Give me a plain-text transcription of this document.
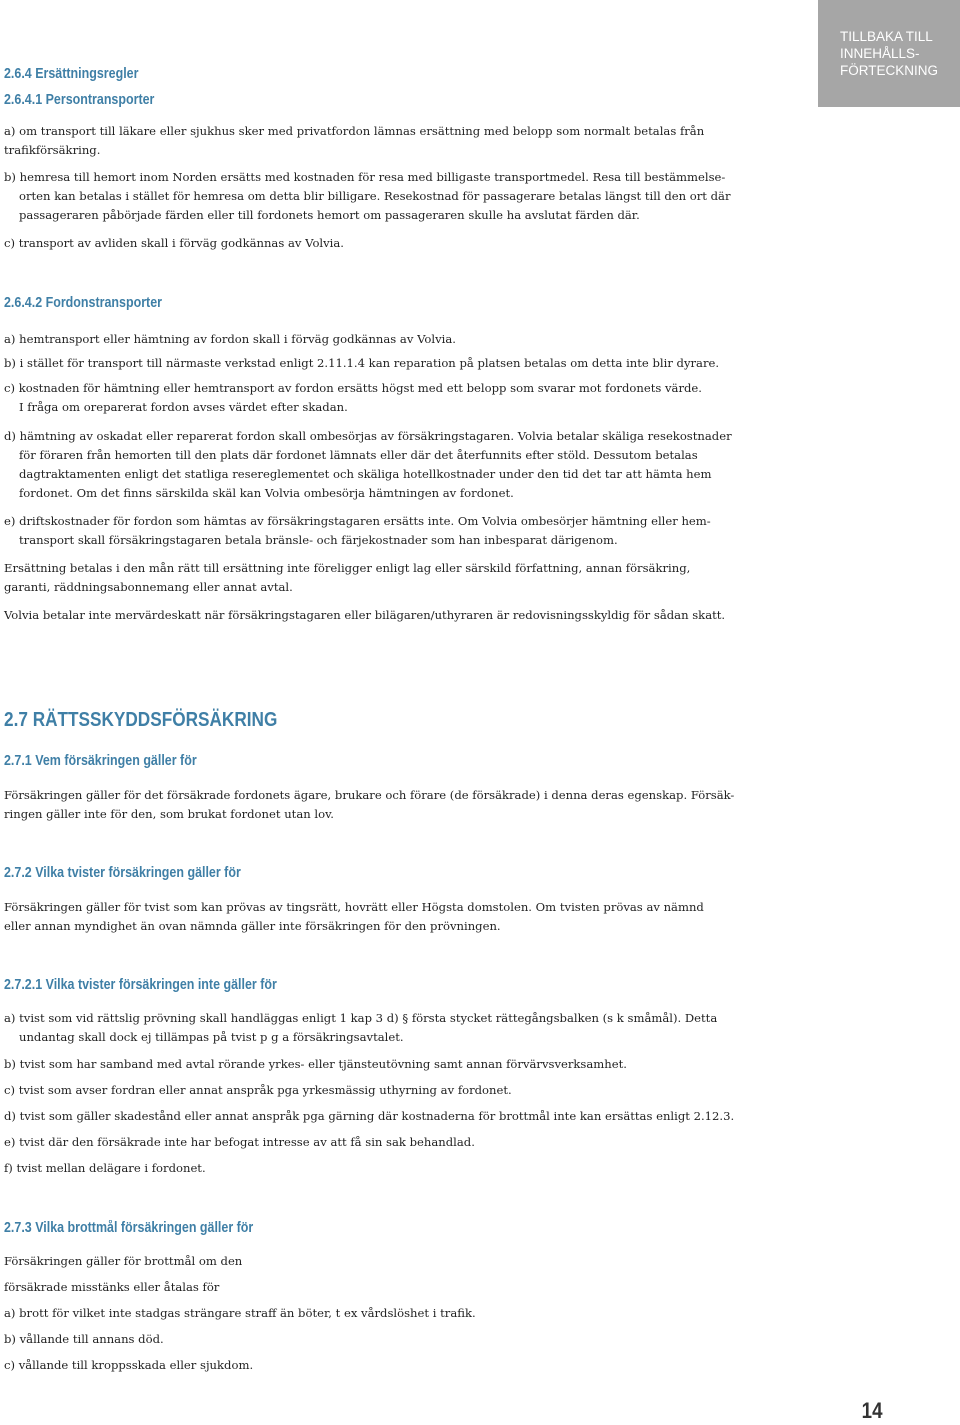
TILLBAKA TILL
INNEHÅLLS-
FÖRTECKNING
2.6.4 Ersättningsregler
2.6.4.1 Persontransporter
a) om transport till läkare eller sjukhus sker med privatfordon lämnas ersättning med belopp som normalt betalas från
trafikförsäkring.
b) hemresa till hemort inom Norden ersätts med kostnaden för resa med billigaste transportmedel. Resa till bestämmelse-
orten kan betalas i stället för hemresa om detta blir billigare. Resekostnad för passagerare betalas längst till den ort där
passageraren påbörjade färden eller till fordonets hemort om passageraren skulle ha avslutat färden där.
c) transport av avliden skall i förväg godkännas av Volvia.
2.6.4.2 Fordonstransporter
a) hemtransport eller hämtning av fordon skall i förväg godkännas av Volvia.
b) i stället för transport till närmaste verkstad enligt 2.11.1.4 kan reparation på platsen betalas om detta inte blir dyrare.
c) kostnaden för hämtning eller hemtransport av fordon ersätts högst med ett belopp som svarar mot fordonets värde.
I fråga om oreparerat fordon avses värdet efter skadan.
d) hämtning av oskadat eller reparerat fordon skall ombesörjas av försäkringstagaren. Volvia betalar skäliga resekostnader
för föraren från hemorten till den plats där fordonet lämnats eller där det återfunnits efter stöld. Dessutom betalas
dagtraktamenten enligt det statliga resereglementet och skäliga hotellkostnader under den tid det tar att hämta hem
fordonet. Om det finns särskilda skäl kan Volvia ombesörja hämtningen av fordonet.
e) driftskostnader för fordon som hämtas av försäkringstagaren ersätts inte. Om Volvia ombesörjer hämtning eller hem-
transport skall försäkringstagaren betala bränsle- och färjekostnader som han inbesparat därigenom.
Ersättning betalas i den mån rätt till ersättning inte föreligger enligt lag eller särskild författning, annan försäkring,
garanti, räddningsabonnemang eller annat avtal.
Volvia betalar inte mervärdeskatt när försäkringstagaren eller bilägaren/uthyraren är redovisningsskyldig för sådan skatt.
2.7 RÄTTSSKYDDSFÖRSÄKRING
2.7.1 Vem försäkringen gäller för
Försäkringen gäller för det försäkrade fordonets ägare, brukare och förare (de försäkrade) i denna deras egenskap. Försäk-
ringen gäller inte för den, som brukat fordonet utan lov.
2.7.2 Vilka tvister försäkringen gäller för
Försäkringen gäller för tvist som kan prövas av tingsrätt, hovrätt eller Högsta domstolen. Om tvisten prövas av nämnd
eller annan myndighet än ovan nämnda gäller inte försäkringen för den prövningen.
2.7.2.1 Vilka tvister försäkringen inte gäller för
a) tvist som vid rättslig prövning skall handläggas enligt 1 kap 3 d) § första stycket rättegångsbalken (s k småmål). Detta
undantag skall dock ej tillämpas på tvist p g a försäkringsavtalet.
b) tvist som har samband med avtal rörande yrkes- eller tjänsteutövning samt annan förvärvsverksamhet.
c) tvist som avser fordran eller annat anspråk pga yrkesmässig uthyrning av fordonet.
d) tvist som gäller skadestånd eller annat anspråk pga gärning där kostnaderna för brottmål inte kan ersättas enligt 2.12.3.
e) tvist där den försäkrade inte har befogat intresse av att få sin sak behandlad.
f) tvist mellan delägare i fordonet.
2.7.3 Vilka brottmål försäkringen gäller för
Försäkringen gäller för brottmål om den
försäkrade misstänks eller åtalas för
a) brott för vilket inte stadgas strängare straff än böter, t ex vårdslöshet i trafik.
b) vållande till annans död.
c) vållande till kroppsskada eller sjukdom.
14
